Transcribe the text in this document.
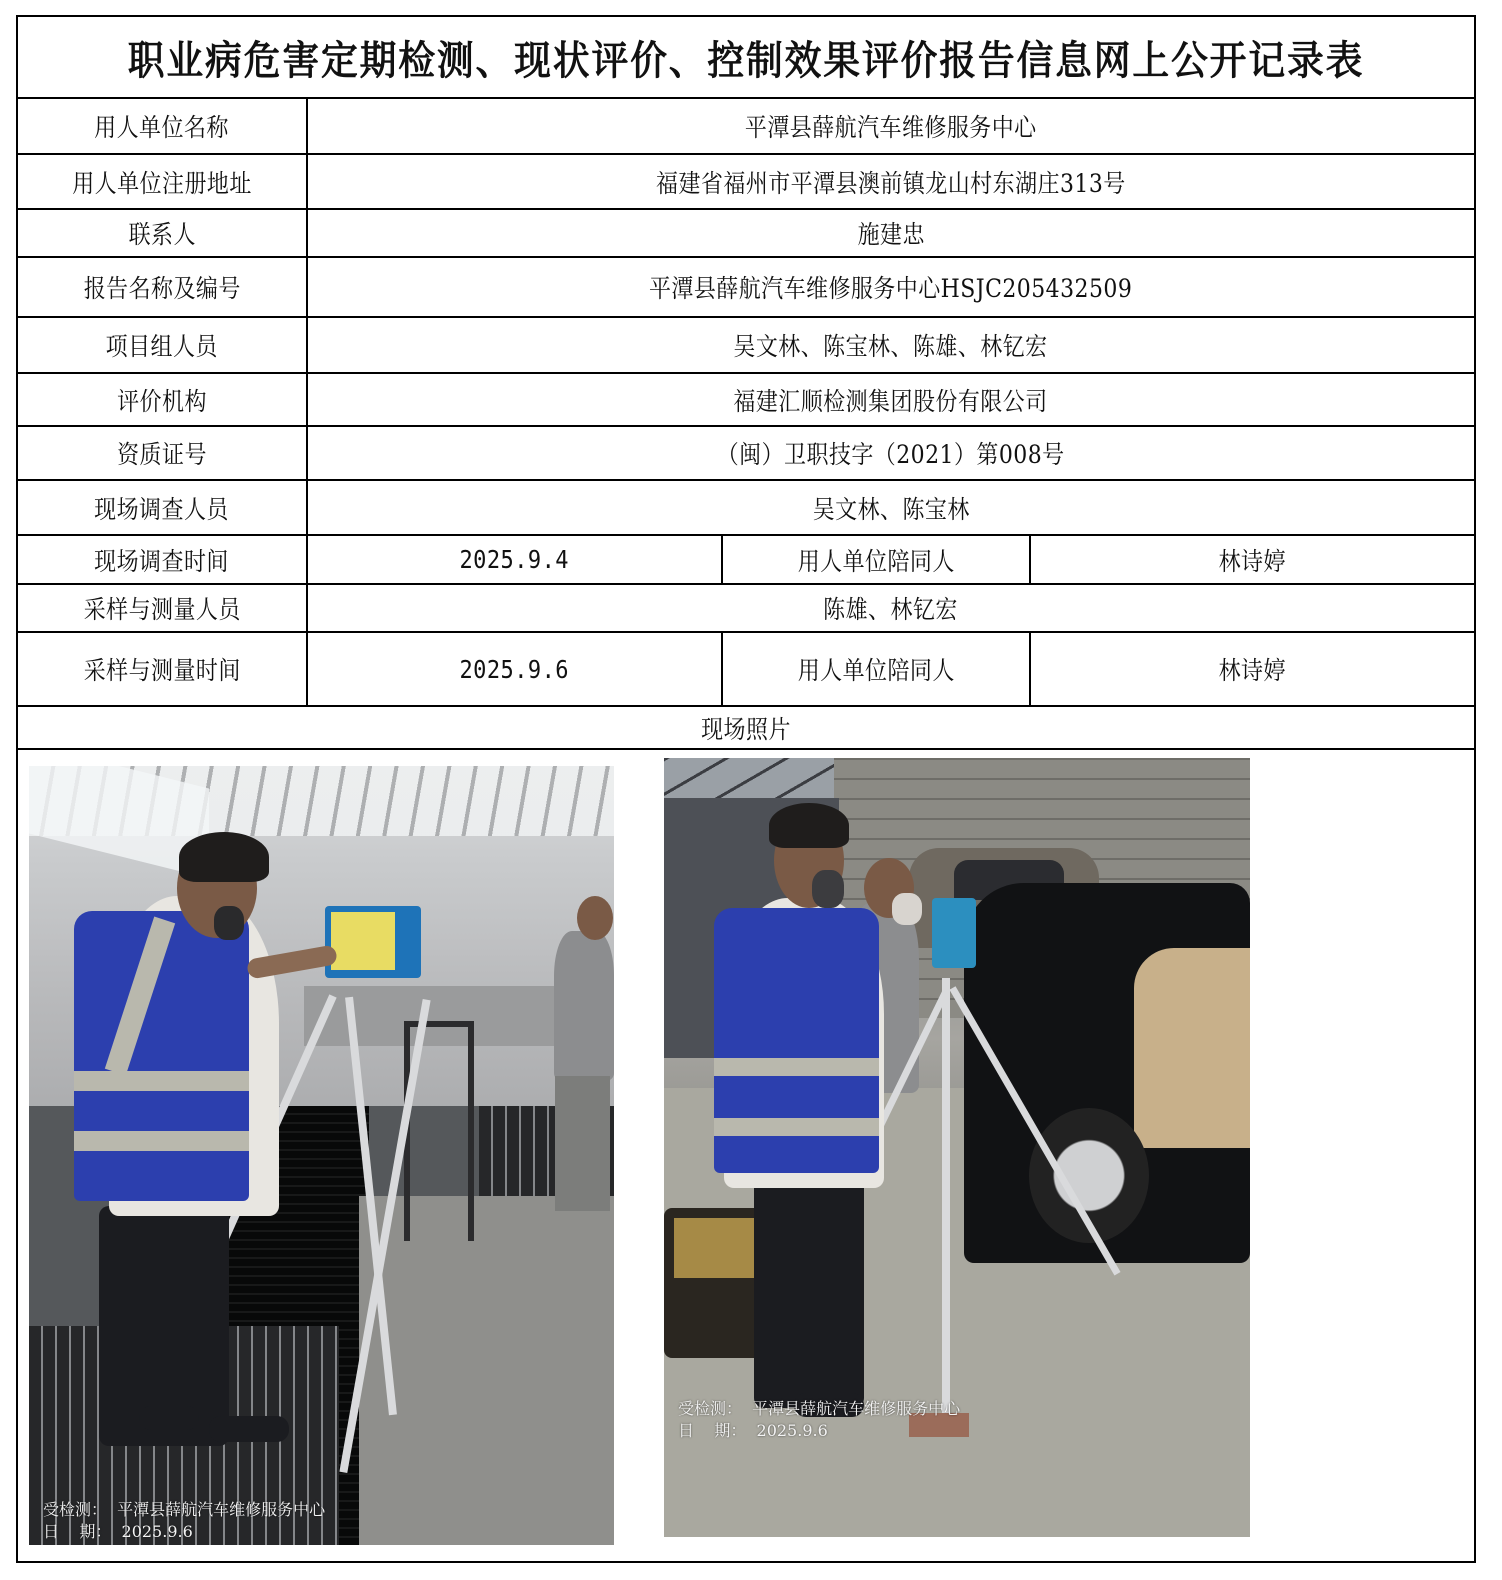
职业病危害定期检测、现状评价、控制效果评价报告信息网上公开记录表
用人单位名称	平潭县薛航汽车维修服务中心
用人单位注册地址	福建省福州市平潭县澳前镇龙山村东湖庄313号
联系人	施建忠
报告名称及编号	平潭县薛航汽车维修服务中心HSJC205432509
项目组人员	吴文林、陈宝林、陈雄、林钇宏
评价机构	福建汇顺检测集团股份有限公司
资质证号	（闽）卫职技字（2021）第008号
现场调查人员	吴文林、陈宝林
现场调查时间	2025.9.4	用人单位陪同人	林诗婷
采样与测量人员	陈雄、林钇宏
采样与测量时间	2025.9.6	用人单位陪同人	林诗婷
现场照片
受检测：  平潭县薛航汽车维修服务中心
日    期：  2025.9.6
受检测：  平潭县薛航汽车维修服务中心
日    期：  2025.9.6
